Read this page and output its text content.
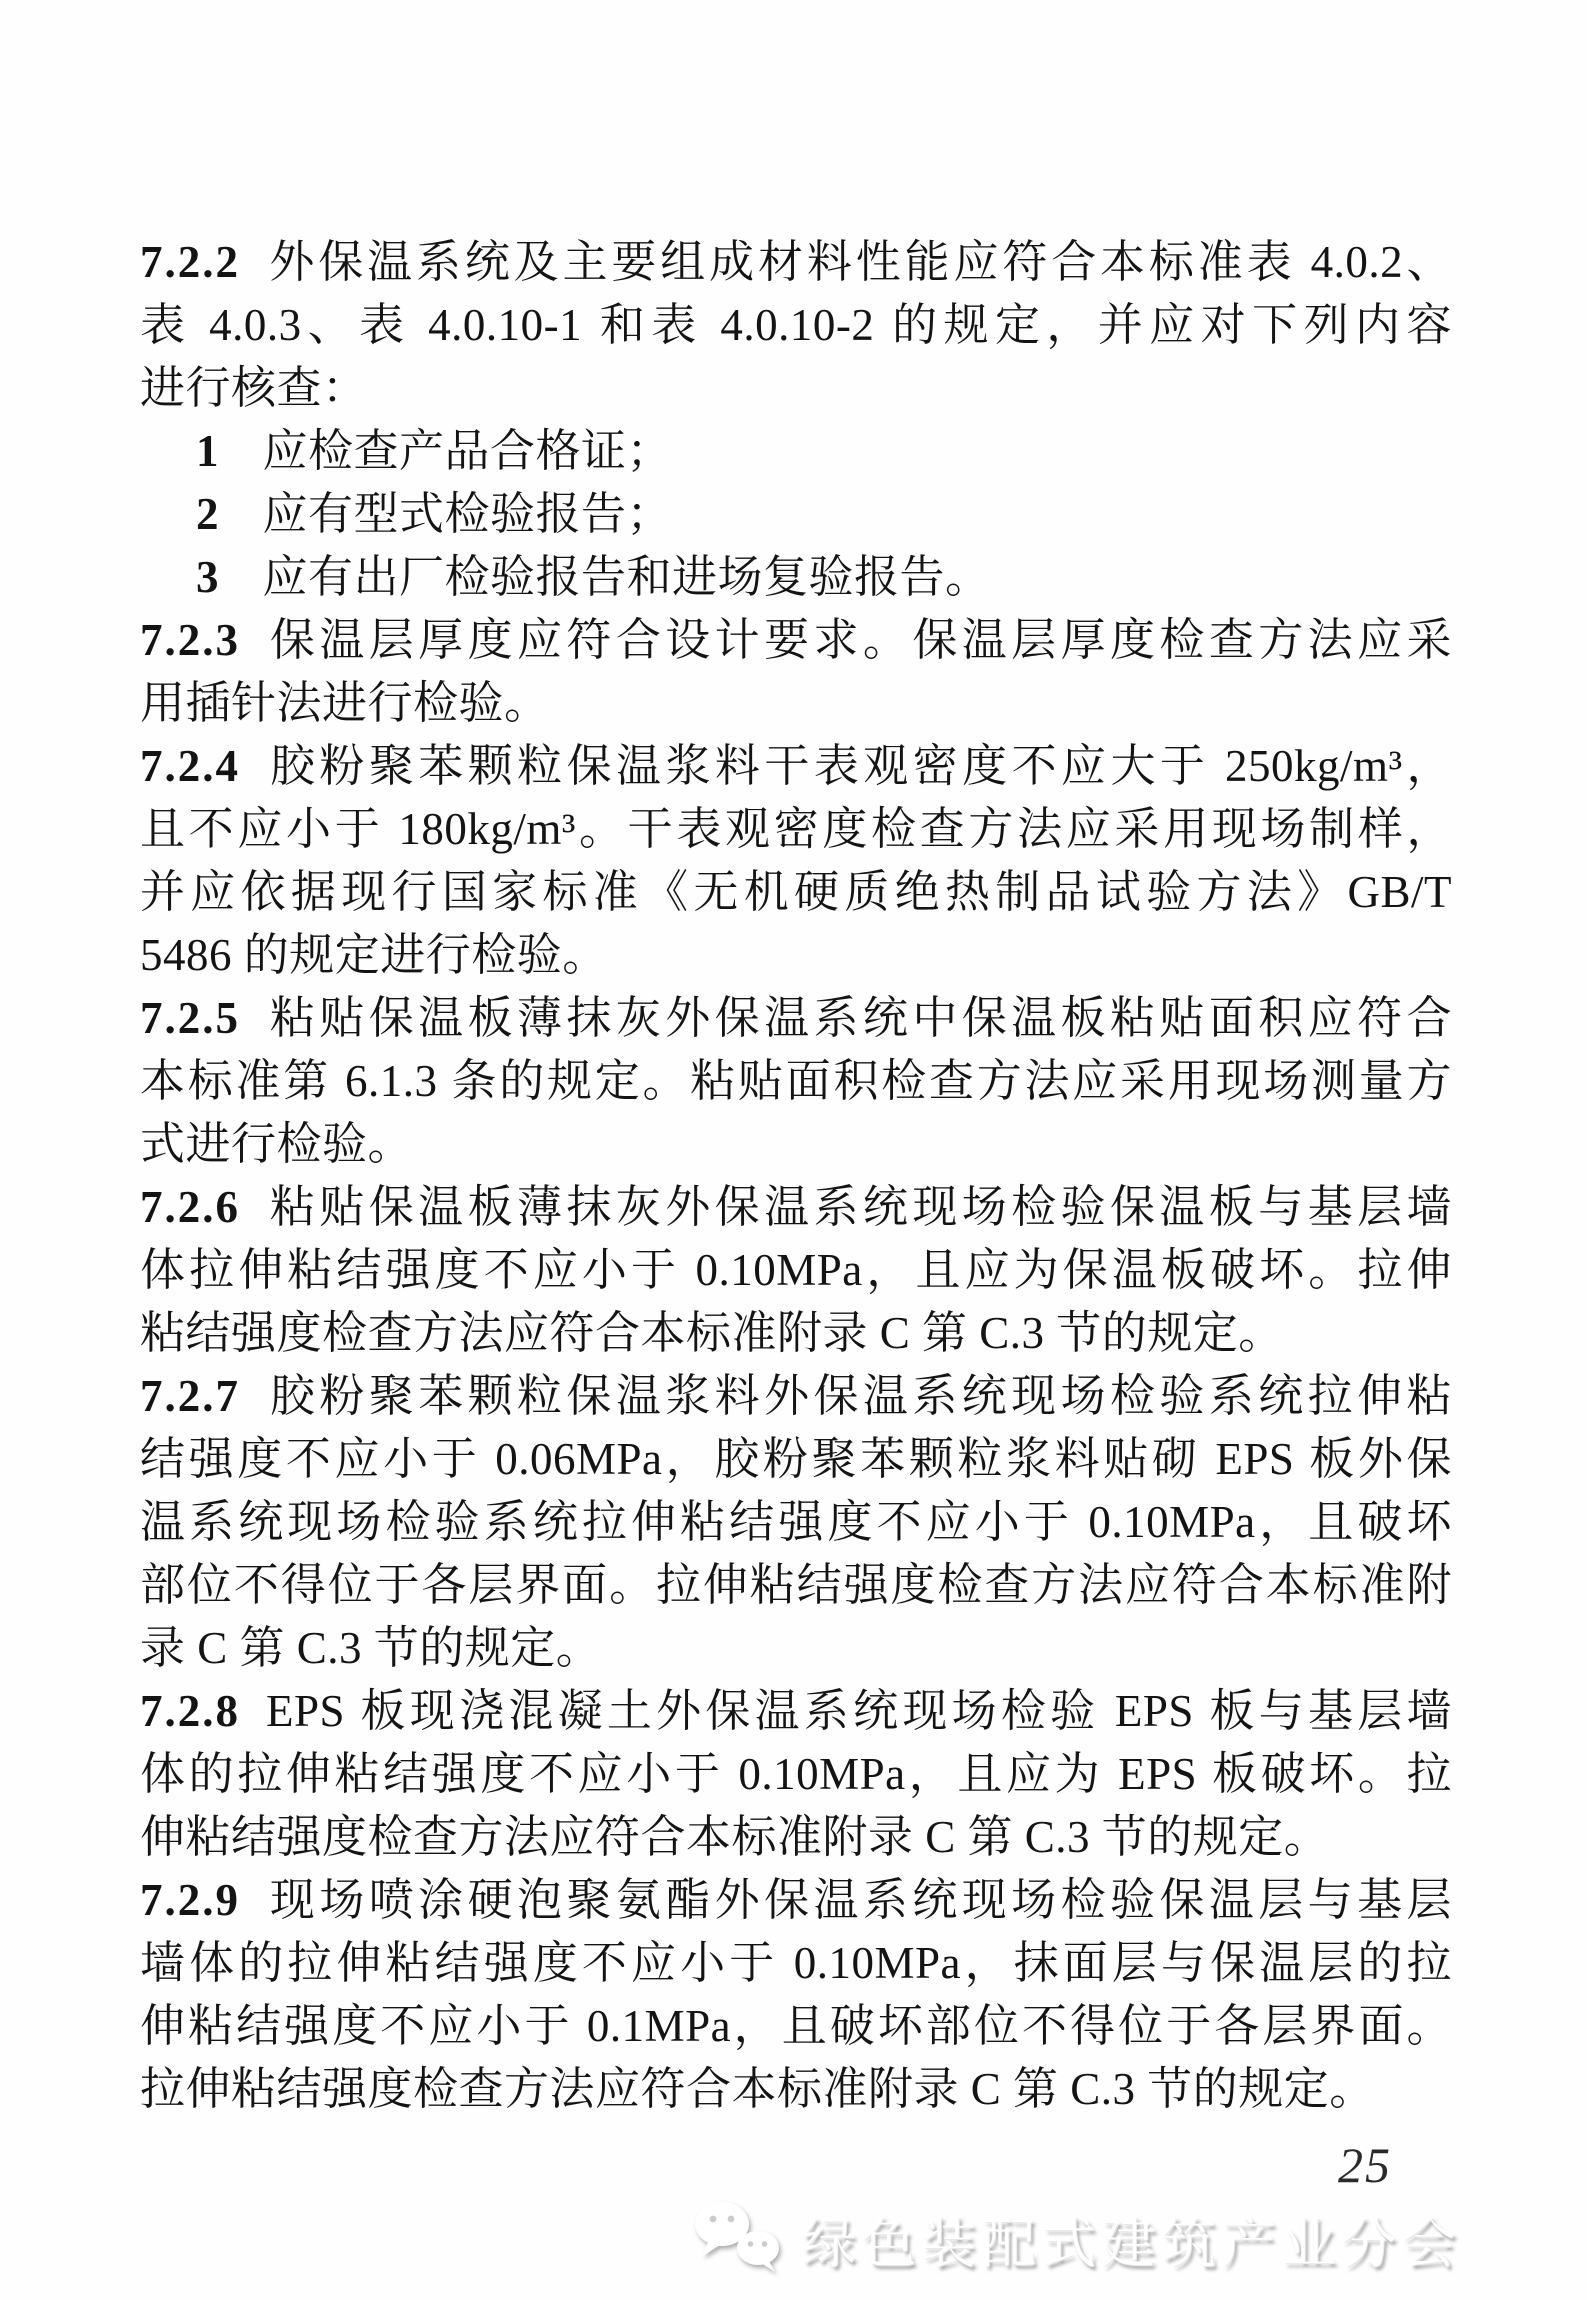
7.2.2 外保温系统及主要组成材料性能应符合本标准表 4.0.2、
表 4.0.3、表 4.0.10-1 和表 4.0.10-2 的规定，并应对下列内容
进行核查：
1 应检查产品合格证；
2 应有型式检验报告；
3 应有出厂检验报告和进场复验报告。
7.2.3 保温层厚度应符合设计要求。保温层厚度检查方法应采
用插针法进行检验。
7.2.4 胶粉聚苯颗粒保温浆料干表观密度不应大于 250kg/m³，
且不应小于 180kg/m³。干表观密度检查方法应采用现场制样，
并应依据现行国家标准《无机硬质绝热制品试验方法》GB/T
5486 的规定进行检验。
7.2.5 粘贴保温板薄抹灰外保温系统中保温板粘贴面积应符合
本标准第 6.1.3 条的规定。粘贴面积检查方法应采用现场测量方
式进行检验。
7.2.6 粘贴保温板薄抹灰外保温系统现场检验保温板与基层墙
体拉伸粘结强度不应小于 0.10MPa，且应为保温板破坏。拉伸
粘结强度检查方法应符合本标准附录 C 第 C.3 节的规定。
7.2.7 胶粉聚苯颗粒保温浆料外保温系统现场检验系统拉伸粘
结强度不应小于 0.06MPa，胶粉聚苯颗粒浆料贴砌 EPS 板外保
温系统现场检验系统拉伸粘结强度不应小于 0.10MPa，且破坏
部位不得位于各层界面。拉伸粘结强度检查方法应符合本标准附
录 C 第 C.3 节的规定。
7.2.8 EPS 板现浇混凝土外保温系统现场检验 EPS 板与基层墙
体的拉伸粘结强度不应小于 0.10MPa，且应为 EPS 板破坏。拉
伸粘结强度检查方法应符合本标准附录 C 第 C.3 节的规定。
7.2.9 现场喷涂硬泡聚氨酯外保温系统现场检验保温层与基层
墙体的拉伸粘结强度不应小于 0.10MPa，抹面层与保温层的拉
伸粘结强度不应小于 0.1MPa，且破坏部位不得位于各层界面。
拉伸粘结强度检查方法应符合本标准附录 C 第 C.3 节的规定。
25
绿色装配式建筑产业分会
